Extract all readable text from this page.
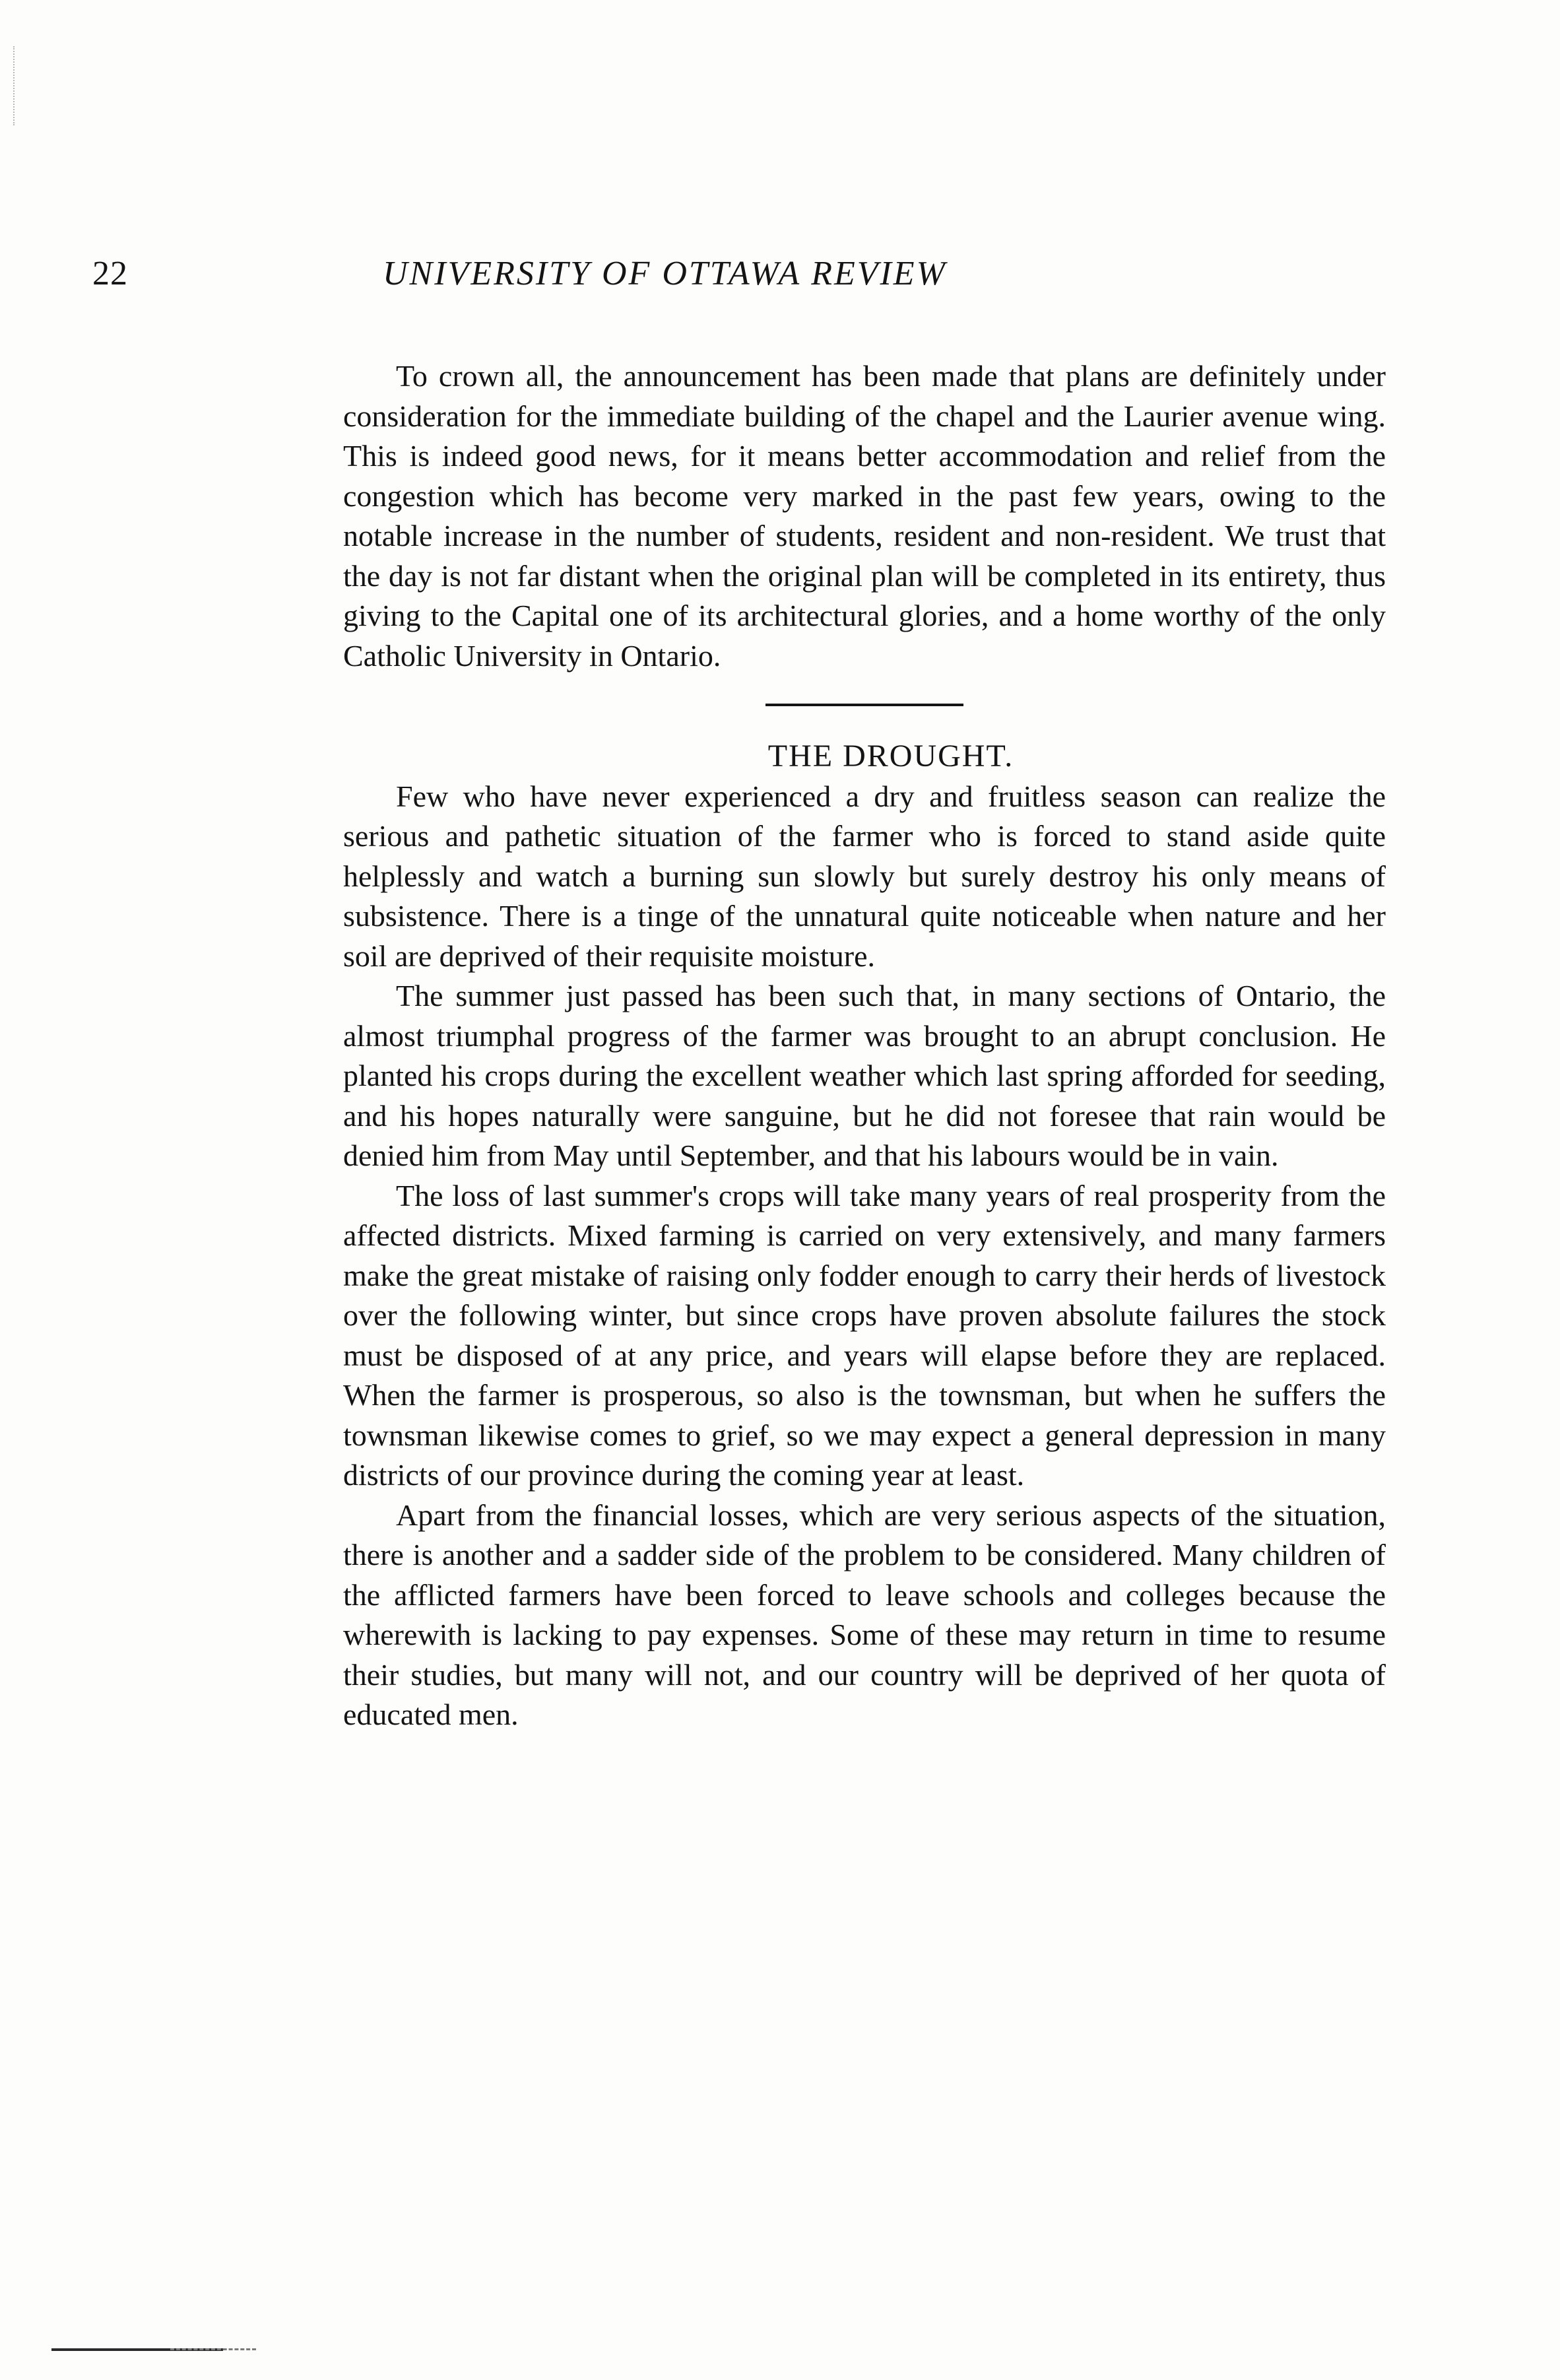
22	UNIVERSITY OF OTTAWA REVIEW

To crown all, the announcement has been made that plans are definitely under consideration for the immediate building of the chapel and the Laurier avenue wing. This is indeed good news, for it means better accommodation and relief from the congestion which has become very marked in the past few years, owing to the notable increase in the number of students, resident and non-resident. We trust that the day is not far distant when the original plan will be completed in its entirety, thus giving to the Capital one of its architectural glories, and a home worthy of the only Catholic University in Ontario.

THE DROUGHT.

Few who have never experienced a dry and fruitless season can realize the serious and pathetic situation of the farmer who is forced to stand aside quite helplessly and watch a burning sun slowly but surely destroy his only means of subsistence. There is a tinge of the unnatural quite noticeable when nature and her soil are deprived of their requisite moisture.

The summer just passed has been such that, in many sections of Ontario, the almost triumphal progress of the farmer was brought to an abrupt conclusion. He planted his crops during the excellent weather which last spring afforded for seeding, and his hopes naturally were sanguine, but he did not foresee that rain would be denied him from May until September, and that his labours would be in vain.

The loss of last summer's crops will take many years of real prosperity from the affected districts. Mixed farming is carried on very extensively, and many farmers make the great mistake of raising only fodder enough to carry their herds of livestock over the following winter, but since crops have proven absolute failures the stock must be disposed of at any price, and years will elapse before they are replaced. When the farmer is prosperous, so also is the townsman, but when he suffers the townsman likewise comes to grief, so we may expect a general depression in many districts of our province during the coming year at least.

Apart from the financial losses, which are very serious aspects of the situation, there is another and a sadder side of the problem to be considered. Many children of the afflicted farmers have been forced to leave schools and colleges because the wherewith is lacking to pay expenses. Some of these may return in time to resume their studies, but many will not, and our country will be deprived of her quota of educated men.
